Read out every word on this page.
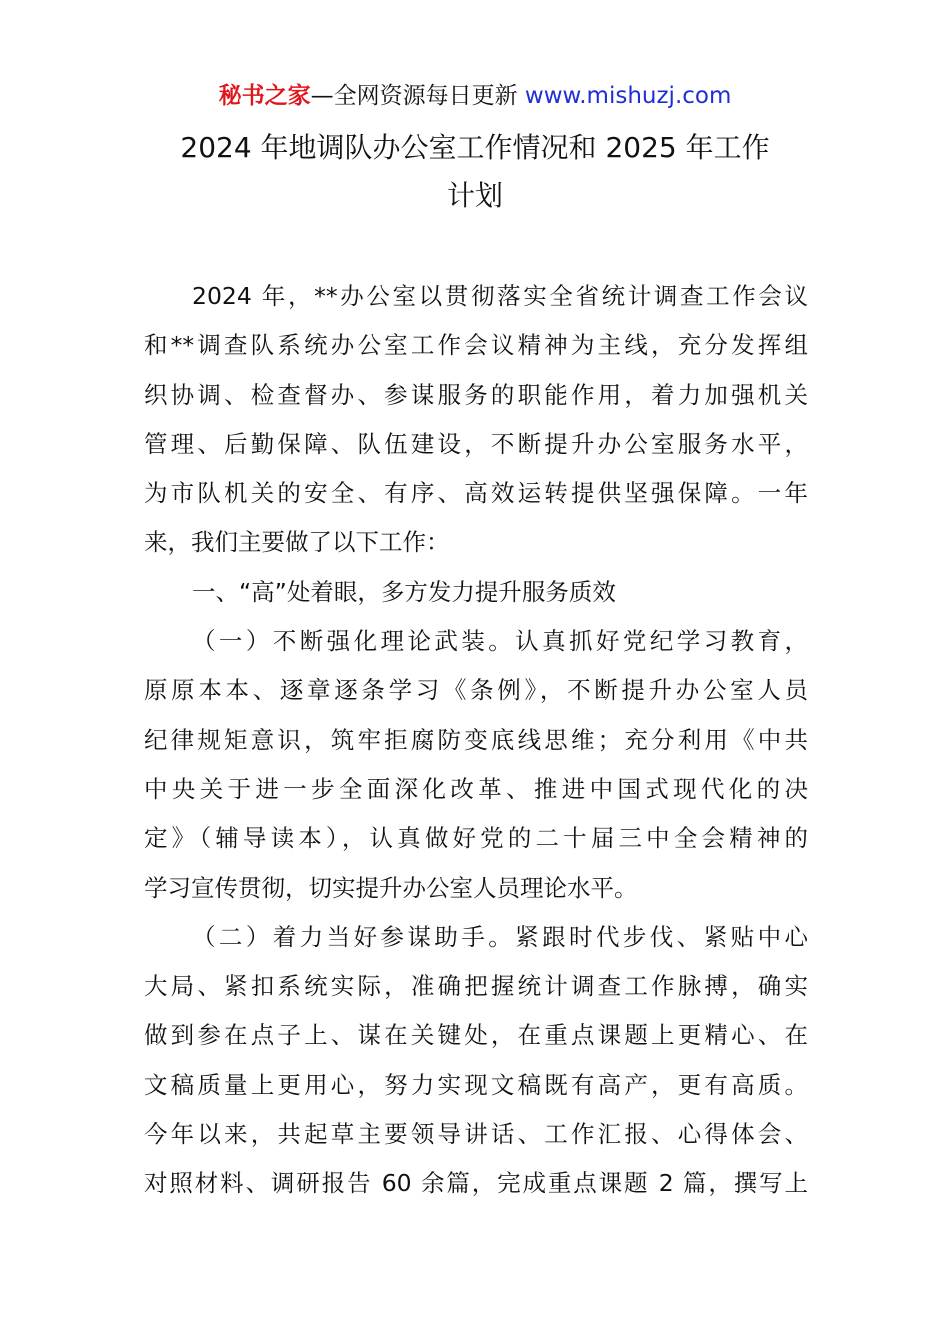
秘书之家—全网资源每日更新 www.mishuzj.com
2024 年地调队办公室工作情况和 2025 年工作
计划
2024 年，**办公室以贯彻落实全省统计调查工作会议
和**调查队系统办公室工作会议精神为主线，充分发挥组
织协调、检查督办、参谋服务的职能作用，着力加强机关
管理、后勤保障、队伍建设，不断提升办公室服务水平，
为市队机关的安全、有序、高效运转提供坚强保障。一年
来，我们主要做了以下工作：
一、“高”处着眼，多方发力提升服务质效
（一）不断强化理论武装。认真抓好党纪学习教育，
原原本本、逐章逐条学习《条例》，不断提升办公室人员
纪律规矩意识，筑牢拒腐防变底线思维；充分利用《中共
中央关于进一步全面深化改革、推进中国式现代化的决
定》（辅导读本），认真做好党的二十届三中全会精神的
学习宣传贯彻，切实提升办公室人员理论水平。
（二）着力当好参谋助手。紧跟时代步伐、紧贴中心
大局、紧扣系统实际，准确把握统计调查工作脉搏，确实
做到参在点子上、谋在关键处，在重点课题上更精心、在
文稿质量上更用心，努力实现文稿既有高产，更有高质。
今年以来，共起草主要领导讲话、工作汇报、心得体会、
对照材料、调研报告 60 余篇，完成重点课题 2 篇，撰写上
